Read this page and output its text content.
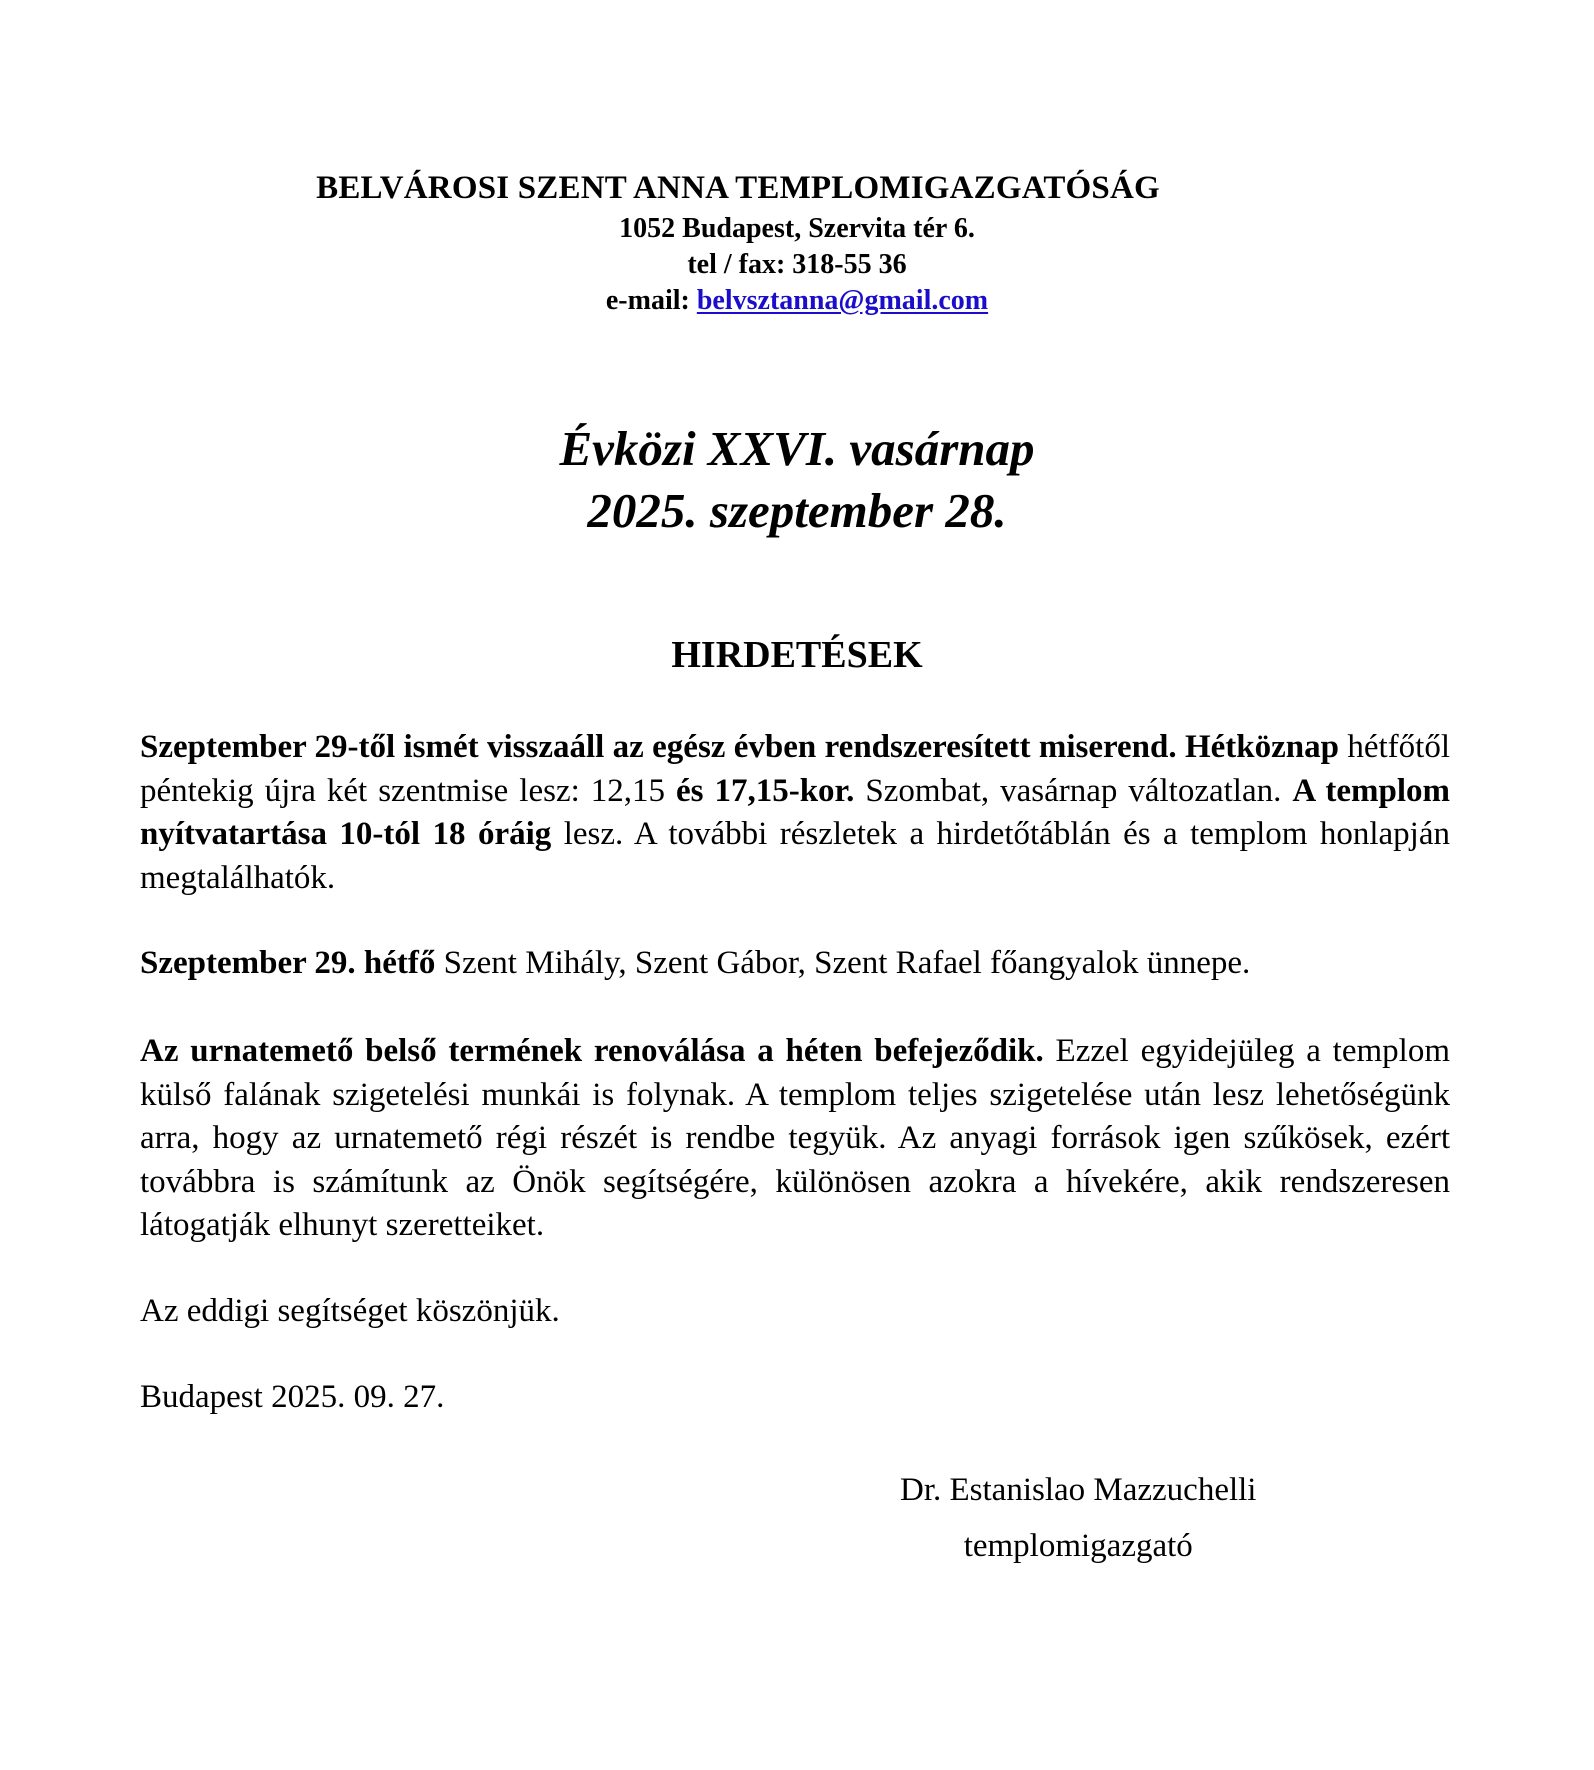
BELVÁROSI SZENT ANNA TEMPLOMIGAZGATÓSÁG
1052 Budapest, Szervita tér 6.
tel / fax: 318-55 36
e-mail: belvsztanna@gmail.com
Évközi XXVI. vasárnap
2025. szeptember 28.
HIRDETÉSEK
Szeptember 29-től ismét visszaáll az egész évben rendszeresített miserend. Hétköznap hétfőtől péntekig újra két szentmise lesz: 12,15 és 17,15-kor. Szombat, vasárnap változatlan. A templom nyítvatartása 10-tól 18 óráig lesz. A további részletek a hirdetőtáblán és a templom honlapján megtalálhatók.
Szeptember 29. hétfő Szent Mihály, Szent Gábor, Szent Rafael főangyalok ünnepe.
Az urnatemető belső termének renoválása a héten befejeződik. Ezzel egyidejüleg a templom külső falának szigetelési munkái is folynak. A templom teljes szigetelése után lesz lehetőségünk arra, hogy az urnatemető régi részét is rendbe tegyük. Az anyagi források igen szűkösek, ezért továbbra is számítunk az Önök segítségére, különösen azokra a hívekére, akik rendszeresen látogatják elhunyt szeretteiket.
Az eddigi segítséget köszönjük.
Budapest 2025. 09. 27.
Dr. Estanislao Mazzuchelli
templomigazgató
